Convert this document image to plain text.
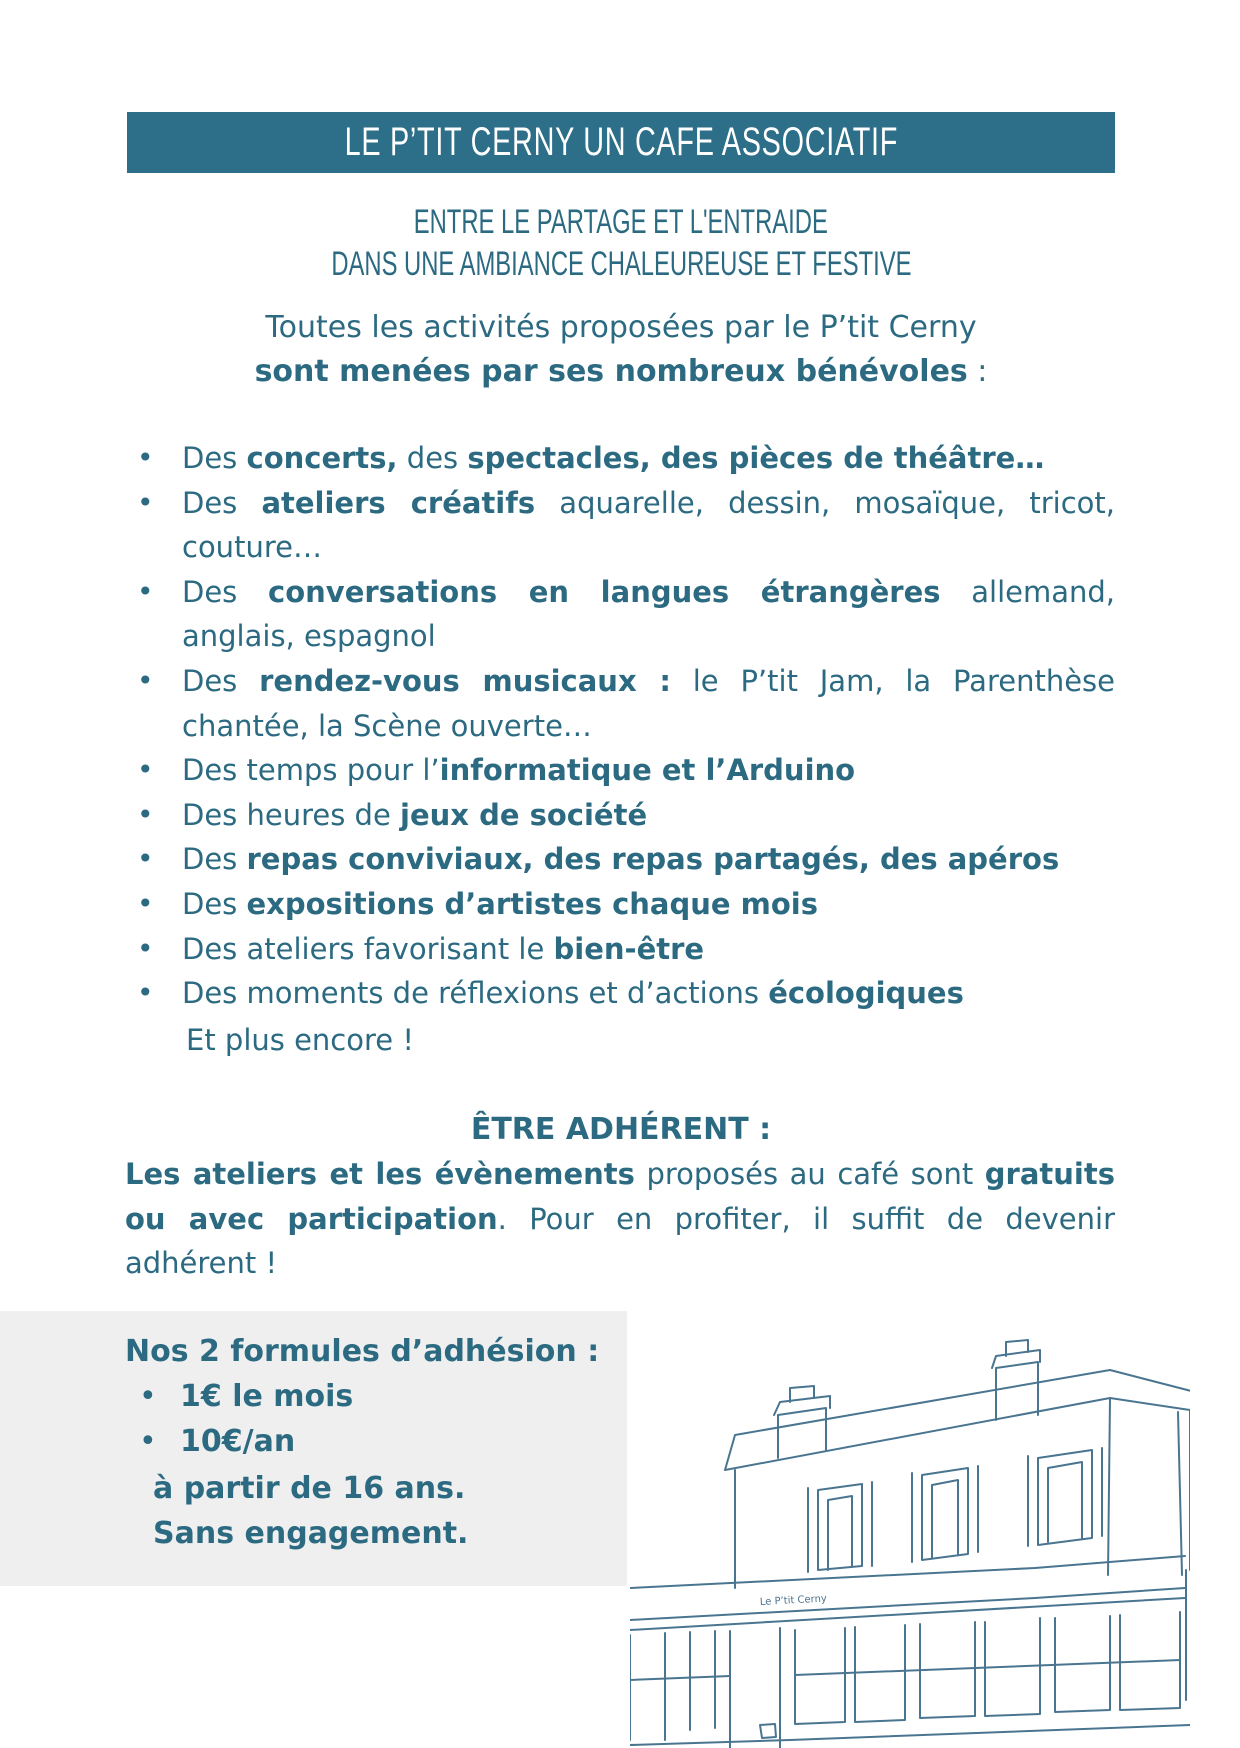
LE P’TIT CERNY UN CAFE ASSOCIATIF
ENTRE LE PARTAGE ET L'ENTRAIDE
DANS UNE AMBIANCE CHALEUREUSE ET FESTIVE
Toutes les activités proposées par le P’tit Cerny
sont menées par ses nombreux bénévoles :
• Des concerts, des spectacles, des pièces de théâtre…
• Des ateliers créatifs aquarelle, dessin, mosaïque, tricot, couture…
• Des conversations en langues étrangères allemand, anglais, espagnol
• Des rendez-vous musicaux : le P’tit Jam, la Parenthèse chantée, la Scène ouverte…
• Des temps pour l’informatique et l’Arduino
• Des heures de jeux de société
• Des repas conviviaux, des repas partagés, des apéros
• Des expositions d’artistes chaque mois
• Des ateliers favorisant le bien-être
• Des moments de réflexions et d’actions écologiques
Et plus encore !
ÊTRE ADHÉRENT :
Les ateliers et les évènements proposés au café sont gratuits ou avec participation. Pour en profiter, il suffit de devenir adhérent !
Nos 2 formules d’adhésion :
• 1€ le mois
• 10€/an
à partir de 16 ans.
Sans engagement.
Le P’tit Cerny
